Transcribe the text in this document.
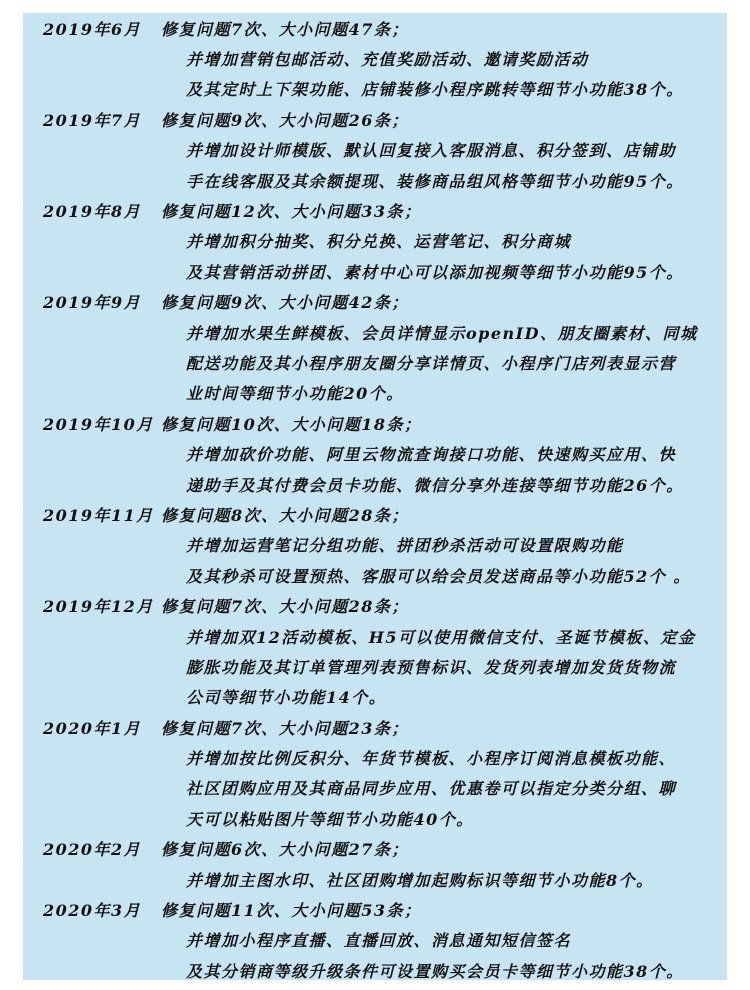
2019年6月	修复问题7次、大小问题47条；
并增加营销包邮活动、充值奖励活动、邀请奖励活动
及其定时上下架功能、店铺装修小程序跳转等细节小功能38个。
2019年7月	修复问题9次、大小问题26条；
并增加设计师模版、默认回复接入客服消息、积分签到、店铺助
手在线客服及其余额提现、装修商品组风格等细节小功能95个。
2019年8月	修复问题12次、大小问题33条；
并增加积分抽奖、积分兑换、运营笔记、积分商城
及其营销活动拼团、素材中心可以添加视频等细节小功能95个。
2019年9月	修复问题9次、大小问题42条；
并增加水果生鲜模板、会员详情显示openID、朋友圈素材、同城
配送功能及其小程序朋友圈分享详情页、小程序门店列表显示营
业时间等细节小功能20个。
2019年10月 修复问题10次、大小问题18条；
并增加砍价功能、阿里云物流查询接口功能、快速购买应用、快
递助手及其付费会员卡功能、微信分享外连接等细节功能26个。
2019年11月 修复问题8次、大小问题28条；
并增加运营笔记分组功能、拼团秒杀活动可设置限购功能
及其秒杀可设置预热、客服可以给会员发送商品等小功能52个 。
2019年12月 修复问题7次、大小问题28条；
并增加双12活动模板、H5可以使用微信支付、圣诞节模板、定金
膨胀功能及其订单管理列表预售标识、发货列表增加发货货物流
公司等细节小功能14个。
2020年1月	修复问题7次、大小问题23条；
并增加按比例反积分、年货节模板、小程序订阅消息模板功能、
社区团购应用及其商品同步应用、优惠卷可以指定分类分组、聊
天可以粘贴图片等细节小功能40个。
2020年2月	修复问题6次、大小问题27条；
并增加主图水印、社区团购增加起购标识等细节小功能8个。
2020年3月	修复问题11次、大小问题53条；
并增加小程序直播、直播回放、消息通知短信签名
及其分销商等级升级条件可设置购买会员卡等细节小功能38个。
